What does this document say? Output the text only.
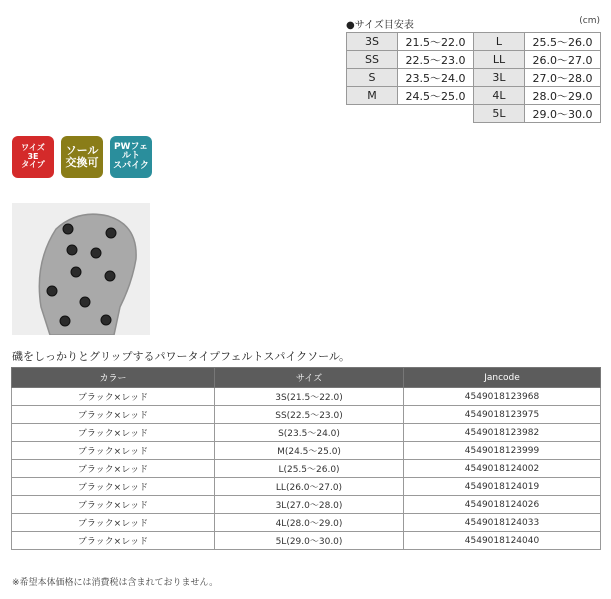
●サイズ目安表	(cm)
3S	21.5〜22.0	L	25.5〜26.0
SS	22.5〜23.0	LL	26.0〜27.0
S	23.5〜24.0	3L	27.0〜28.0
M	24.5〜25.0	4L	28.0〜29.0
		5L	29.0〜30.0
ワイズ
3E
タイプ
ソール
交換可
PWフェルト
スパイク
磯をしっかりとグリップするパワータイプフェルトスパイクソール。
カラー	サイズ	Jancode
ブラック×レッド	3S(21.5〜22.0)	4549018123968
ブラック×レッド	SS(22.5〜23.0)	4549018123975
ブラック×レッド	S(23.5〜24.0)	4549018123982
ブラック×レッド	M(24.5〜25.0)	4549018123999
ブラック×レッド	L(25.5〜26.0)	4549018124002
ブラック×レッド	LL(26.0〜27.0)	4549018124019
ブラック×レッド	3L(27.0〜28.0)	4549018124026
ブラック×レッド	4L(28.0〜29.0)	4549018124033
ブラック×レッド	5L(29.0〜30.0)	4549018124040
※希望本体価格には消費税は含まれておりません。
